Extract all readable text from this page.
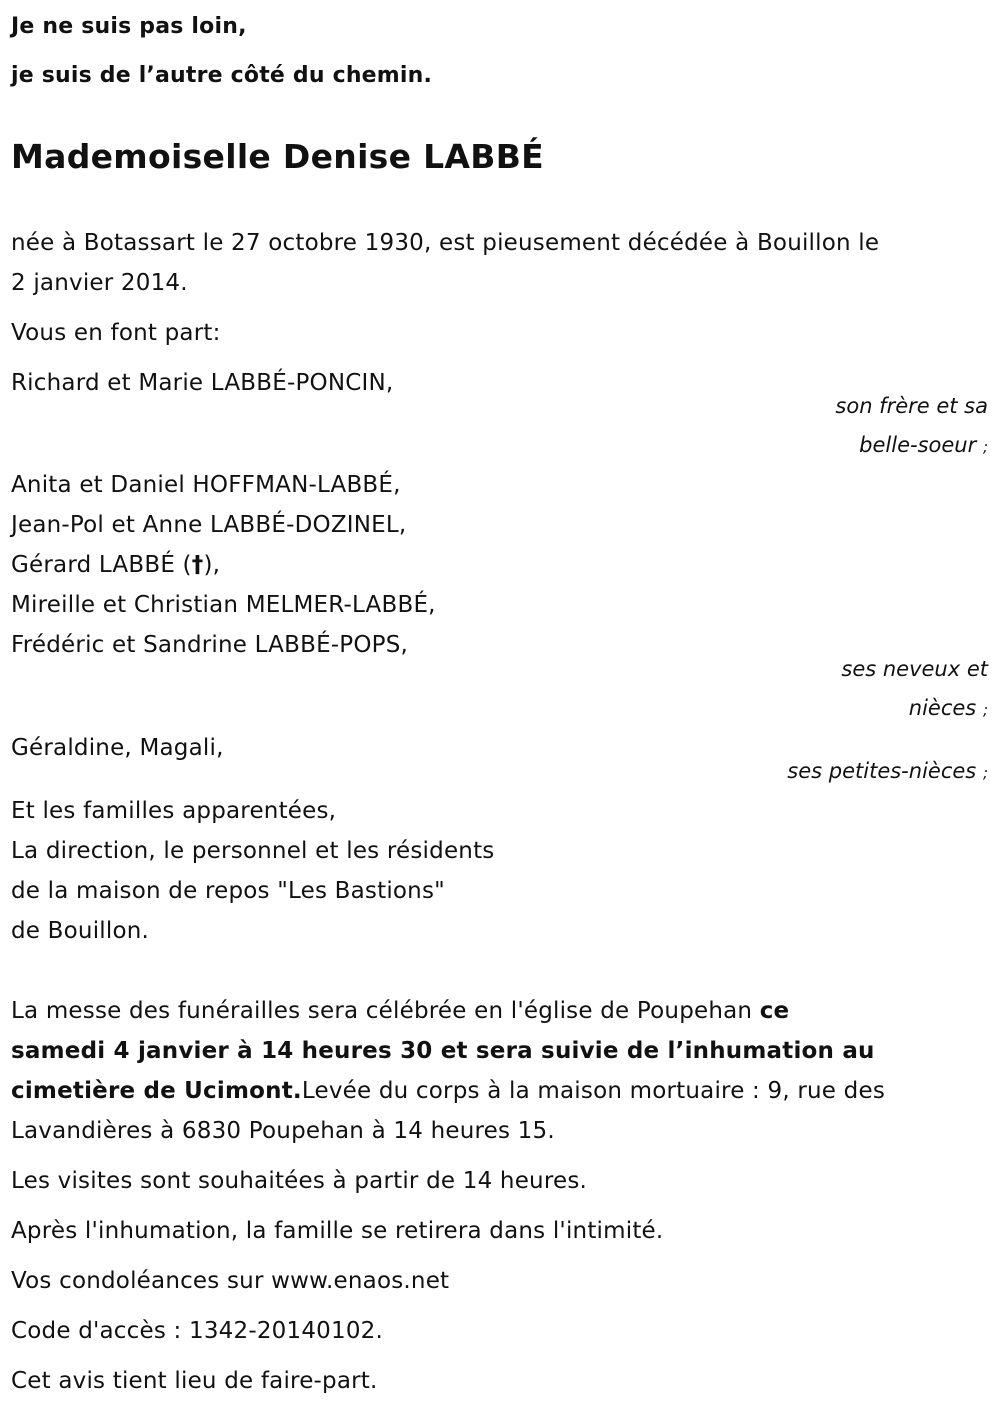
Je ne suis pas loin,
je suis de l’autre côté du chemin.
Mademoiselle Denise LABBÉ
née à Botassart le 27 octobre 1930, est pieusement décédée à Bouillon le
2 janvier 2014.
Vous en font part:
Richard et Marie LABBÉ-PONCIN,
son frère et sa
belle-soeur ;
Anita et Daniel HOFFMAN-LABBÉ,
Jean-Pol et Anne LABBÉ-DOZINEL,
Gérard LABBÉ (†),
Mireille et Christian MELMER-LABBÉ,
Frédéric et Sandrine LABBÉ-POPS,
ses neveux et
nièces ;
Géraldine, Magali,
ses petites-nièces ;
Et les familles apparentées,
La direction, le personnel et les résidents
de la maison de repos "Les Bastions"
de Bouillon.
La messe des funérailles sera célébrée en l'église de Poupehan ce
samedi 4 janvier à 14 heures 30 et sera suivie de l’inhumation au
cimetière de Ucimont.Levée du corps à la maison mortuaire : 9, rue des
Lavandières à 6830 Poupehan à 14 heures 15.
Les visites sont souhaitées à partir de 14 heures.
Après l'inhumation, la famille se retirera dans l'intimité.
Vos condoléances sur www.enaos.net
Code d'accès : 1342-20140102.
Cet avis tient lieu de faire-part.
